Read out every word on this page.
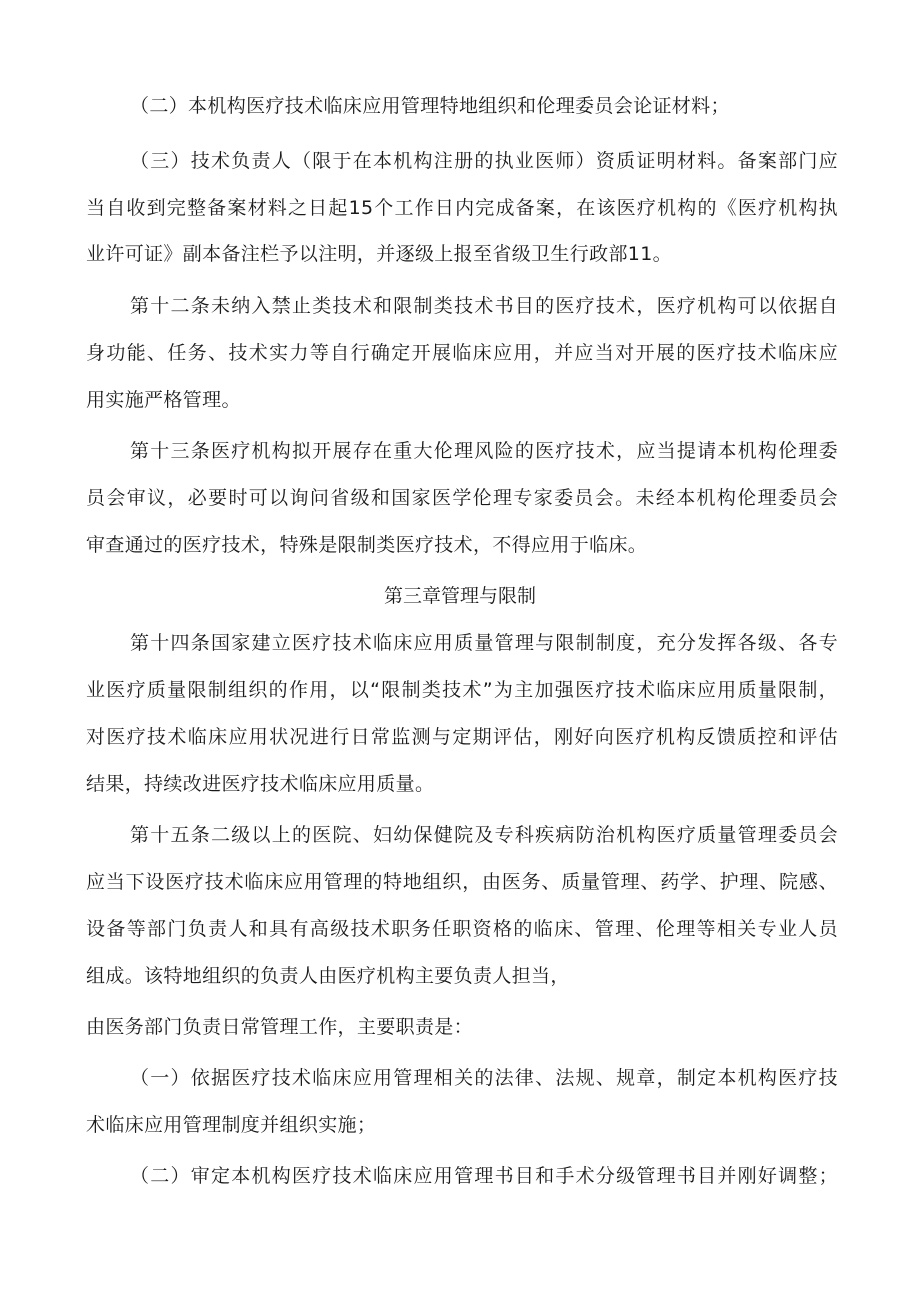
（二）本机构医疗技术临床应用管理特地组织和伦理委员会论证材料；
（三）技术负责人（限于在本机构注册的执业医师）资质证明材料。备案部门应
当自收到完整备案材料之日起15个工作日内完成备案，在该医疗机构的《医疗机构执
业许可证》副本备注栏予以注明，并逐级上报至省级卫生行政部11。
第十二条未纳入禁止类技术和限制类技术书目的医疗技术，医疗机构可以依据自
身功能、任务、技术实力等自行确定开展临床应用，并应当对开展的医疗技术临床应
用实施严格管理。
第十三条医疗机构拟开展存在重大伦理风险的医疗技术，应当提请本机构伦理委
员会审议，必要时可以询问省级和国家医学伦理专家委员会。未经本机构伦理委员会
审查通过的医疗技术，特殊是限制类医疗技术，不得应用于临床。
第三章管理与限制
第十四条国家建立医疗技术临床应用质量管理与限制制度，充分发挥各级、各专
业医疗质量限制组织的作用，以“限制类技术”为主加强医疗技术临床应用质量限制，
对医疗技术临床应用状况进行日常监测与定期评估，刚好向医疗机构反馈质控和评估
结果，持续改进医疗技术临床应用质量。
第十五条二级以上的医院、妇幼保健院及专科疾病防治机构医疗质量管理委员会
应当下设医疗技术临床应用管理的特地组织，由医务、质量管理、药学、护理、院感、
设备等部门负责人和具有高级技术职务任职资格的临床、管理、伦理等相关专业人员
组成。该特地组织的负责人由医疗机构主要负责人担当，
由医务部门负责日常管理工作，主要职责是：
（一）依据医疗技术临床应用管理相关的法律、法规、规章，制定本机构医疗技
术临床应用管理制度并组织实施；
（二）审定本机构医疗技术临床应用管理书目和手术分级管理书目并刚好调整；
